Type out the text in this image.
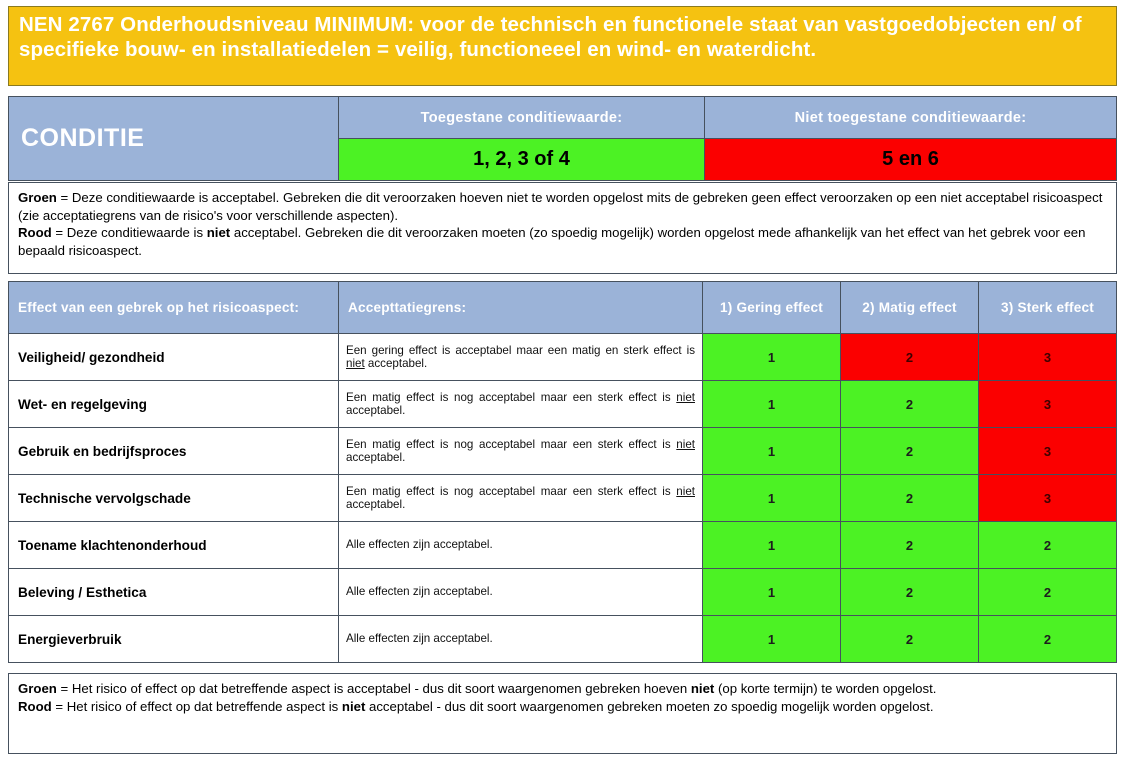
NEN 2767 Onderhoudsniveau MINIMUM: voor de technisch en functionele staat van vastgoedobjecten en/ of specifieke bouw- en installatiedelen = veilig, functioneeel en wind- en waterdicht.
CONDITIE	Toegestane conditiewaarde:	Niet toegestane conditiewaarde:
	1, 2, 3 of 4	5 en 6
Groen = Deze conditiewaarde is acceptabel. Gebreken die dit veroorzaken hoeven niet te worden opgelost mits de gebreken geen effect veroorzaken op een niet acceptabel risicoaspect (zie acceptatiegrens van de risico's voor verschillende aspecten).
Rood = Deze conditiewaarde is niet acceptabel. Gebreken die dit veroorzaken moeten (zo spoedig mogelijk) worden opgelost mede afhankelijk van het effect van het gebrek voor een bepaald risicoaspect.
Effect van een gebrek op het risicoaspect:	Accepttatiegrens:	1) Gering effect	2) Matig effect	3) Sterk effect
Veiligheid/ gezondheid	Een gering effect is acceptabel maar een matig en sterk effect is niet acceptabel.	1	2	3
Wet- en regelgeving	Een matig effect is nog acceptabel maar een sterk effect is niet acceptabel.	1	2	3
Gebruik en bedrijfsproces	Een matig effect is nog acceptabel maar een sterk effect is niet acceptabel.	1	2	3
Technische vervolgschade	Een matig effect is nog acceptabel maar een sterk effect is niet acceptabel.	1	2	3
Toename klachtenonderhoud	Alle effecten zijn acceptabel.	1	2	2
Beleving / Esthetica	Alle effecten zijn acceptabel.	1	2	2
Energieverbruik	Alle effecten zijn acceptabel.	1	2	2
Groen = Het risico of effect op dat betreffende aspect is acceptabel - dus dit soort waargenomen gebreken hoeven niet (op korte termijn) te worden opgelost.
Rood = Het risico of effect op dat betreffende aspect is niet acceptabel - dus dit soort waargenomen gebreken moeten zo spoedig mogelijk worden opgelost.
